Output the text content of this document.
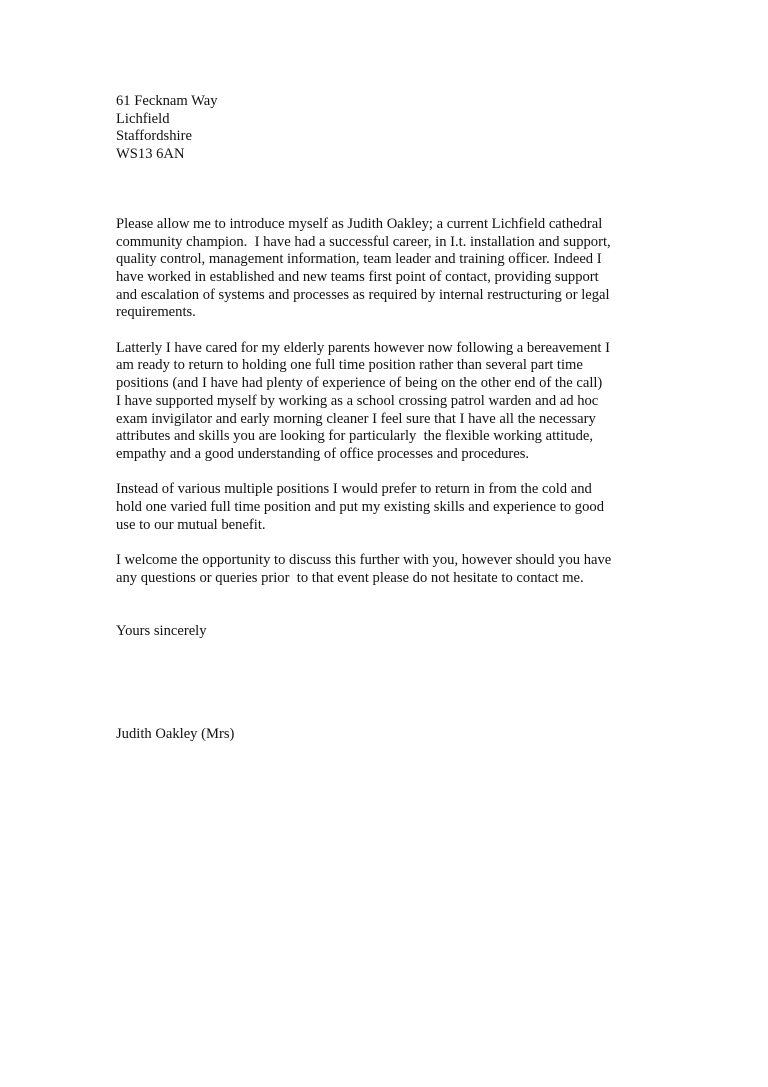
61 Fecknam Way
Lichfield
Staffordshire
WS13 6AN
Please allow me to introduce myself as Judith Oakley; a current Lichfield cathedral
community champion.  I have had a successful career, in I.t. installation and support,
quality control, management information, team leader and training officer. Indeed I
have worked in established and new teams first point of contact, providing support
and escalation of systems and processes as required by internal restructuring or legal
requirements.
Latterly I have cared for my elderly parents however now following a bereavement I
am ready to return to holding one full time position rather than several part time
positions (and I have had plenty of experience of being on the other end of the call)
I have supported myself by working as a school crossing patrol warden and ad hoc
exam invigilator and early morning cleaner I feel sure that I have all the necessary
attributes and skills you are looking for particularly  the flexible working attitude,
empathy and a good understanding of office processes and procedures.
Instead of various multiple positions I would prefer to return in from the cold and
hold one varied full time position and put my existing skills and experience to good
use to our mutual benefit.
I welcome the opportunity to discuss this further with you, however should you have
any questions or queries prior  to that event please do not hesitate to contact me.
Yours sincerely
Judith Oakley (Mrs)
